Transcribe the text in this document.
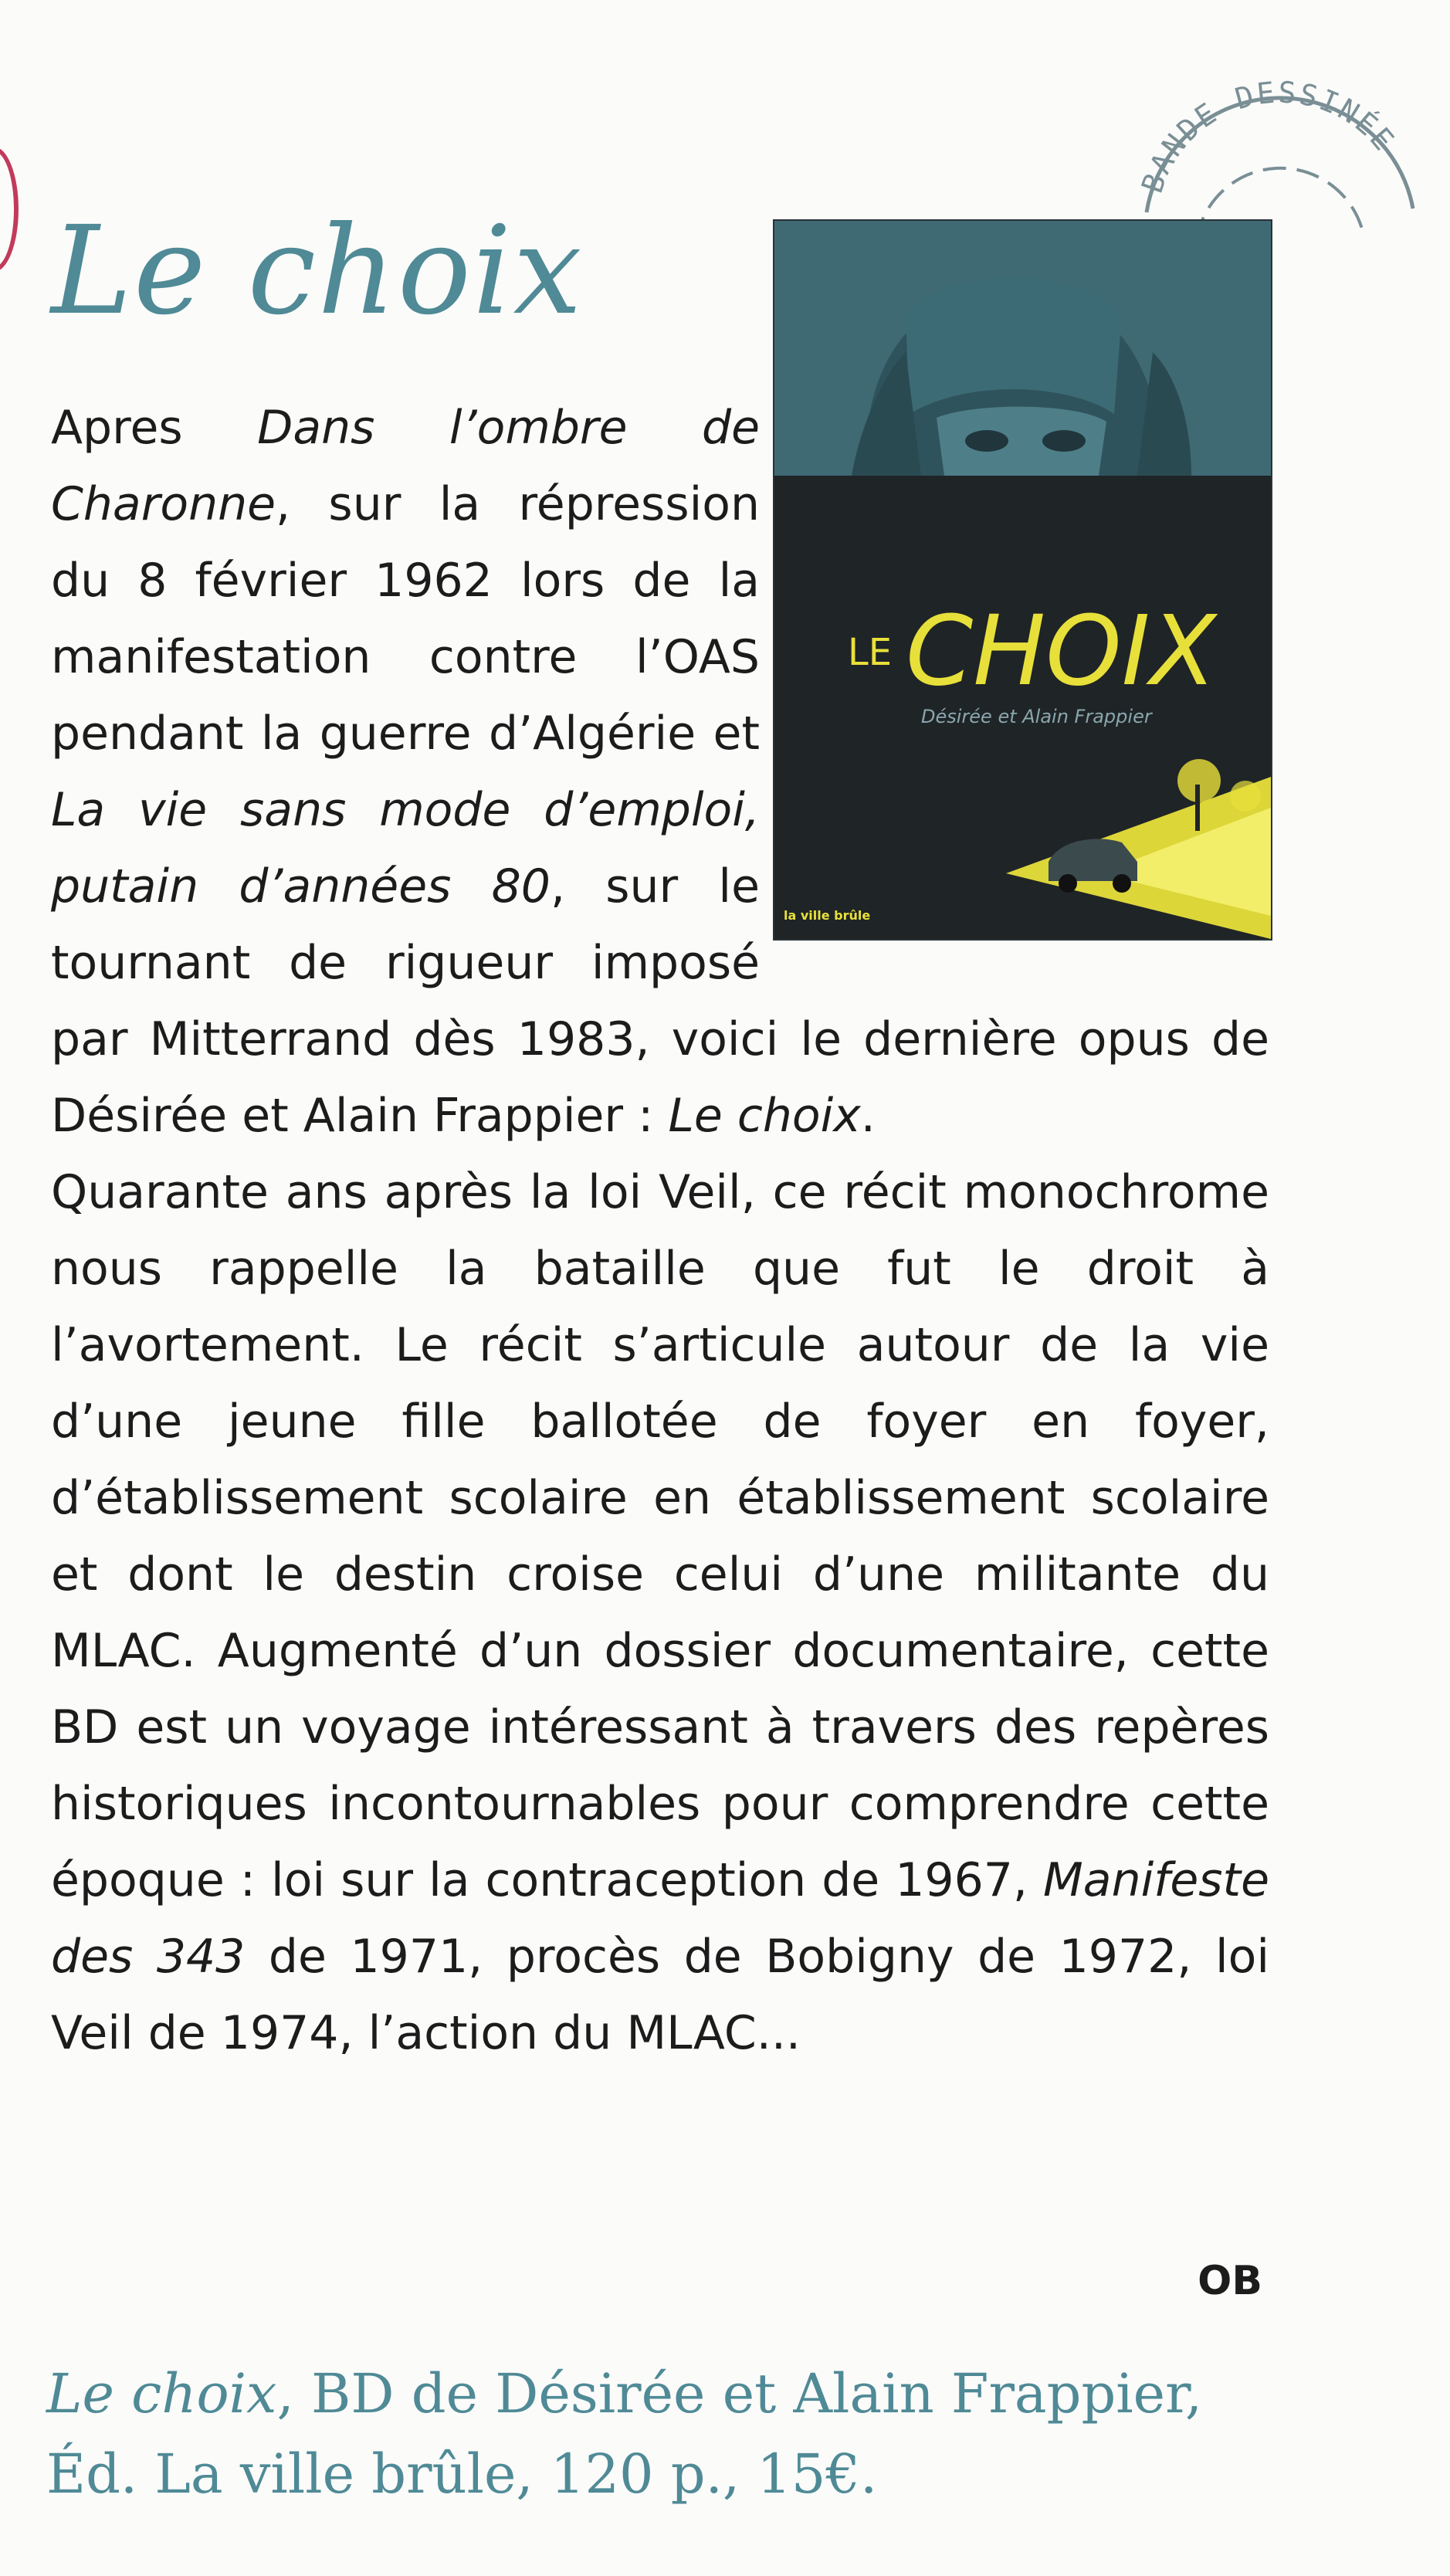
BANDE DESSINÉE
Le choix
LE CHOIX
Désirée et Alain Frappier
la ville brûle

Apres Dans l’ombre de Charonne, sur la répression du 8 février 1962 lors de la manifestation contre l’OAS pendant la guerre d’Algérie et La vie sans mode d’emploi, putain d’années 80, sur le tournant de rigueur imposé par Mitterrand dès 1983, voici le dernière opus de Désirée et Alain Frappier : Le choix.

Quarante ans après la loi Veil, ce récit monochrome nous rappelle la bataille que fut le droit à l’avortement. Le récit s’articule autour de la vie d’une jeune fille ballotée de foyer en foyer, d’établissement scolaire en établissement scolaire et dont le destin croise celui d’une militante du MLAC. Augmenté d’un dossier documentaire, cette BD est un voyage intéressant à travers des repères historiques incontournables pour comprendre cette époque : loi sur la contraception de 1967, Manifeste des 343 de 1971, procès de Bobigny de 1972, loi Veil de 1974, l’action du MLAC...

OB

Le choix, BD de Désirée et Alain Frappier, Éd. La ville brûle, 120 p., 15€.
